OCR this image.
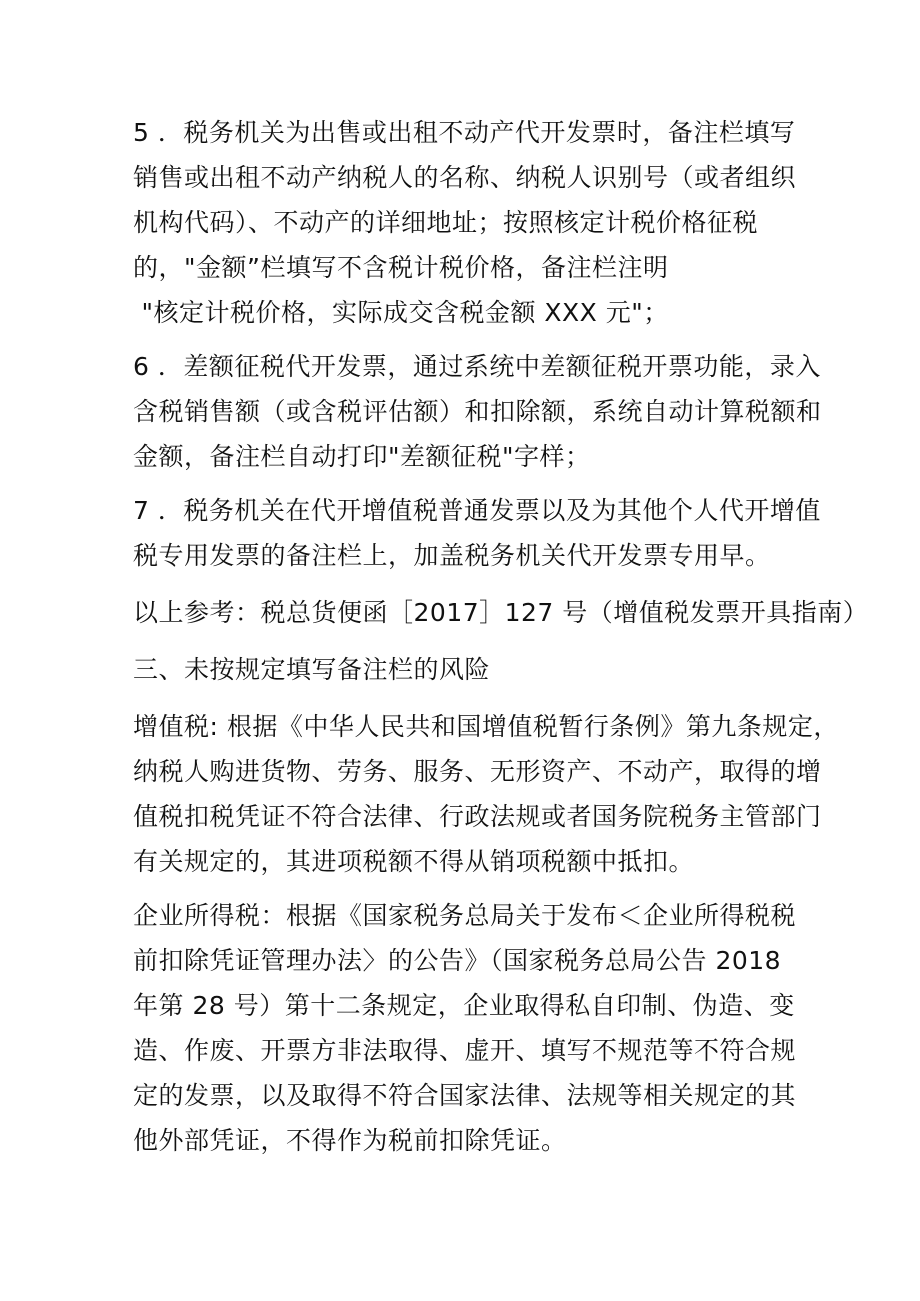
5 ．税务机关为出售或出租不动产代开发票时，备注栏填写
销售或出租不动产纳税人的名称、纳税人识别号（或者组织
机构代码）、不动产的详细地址；按照核定计税价格征税
的，"金额”栏填写不含税计税价格，备注栏注明
"核定计税价格，实际成交含税金额 XXX 元"；
6 ．差额征税代开发票，通过系统中差额征税开票功能，录入
含税销售额（或含税评估额）和扣除额，系统自动计算税额和
金额，备注栏自动打印"差额征税"字样；
7 ．税务机关在代开增值税普通发票以及为其他个人代开增值
税专用发票的备注栏上，加盖税务机关代开发票专用早。
以上参考：税总货便函［2017］127 号（增值税发票开具指南）
三、未按规定填写备注栏的风险
增值税: 根据《中华人民共和国增值税暂行条例》第九条规定，
纳税人购进货物、劳务、服务、无形资产、不动产，取得的增
值税扣税凭证不符合法律、行政法规或者国务院税务主管部门
有关规定的，其进项税额不得从销项税额中抵扣。
企业所得税：根据《国家税务总局关于发布＜企业所得税税
前扣除凭证管理办法〉的公告》（国家税务总局公告 2018
年第 28 号）第十二条规定，企业取得私自印制、伪造、变
造、作废、开票方非法取得、虚开、填写不规范等不符合规
定的发票，以及取得不符合国家法律、法规等相关规定的其
他外部凭证，不得作为税前扣除凭证。
